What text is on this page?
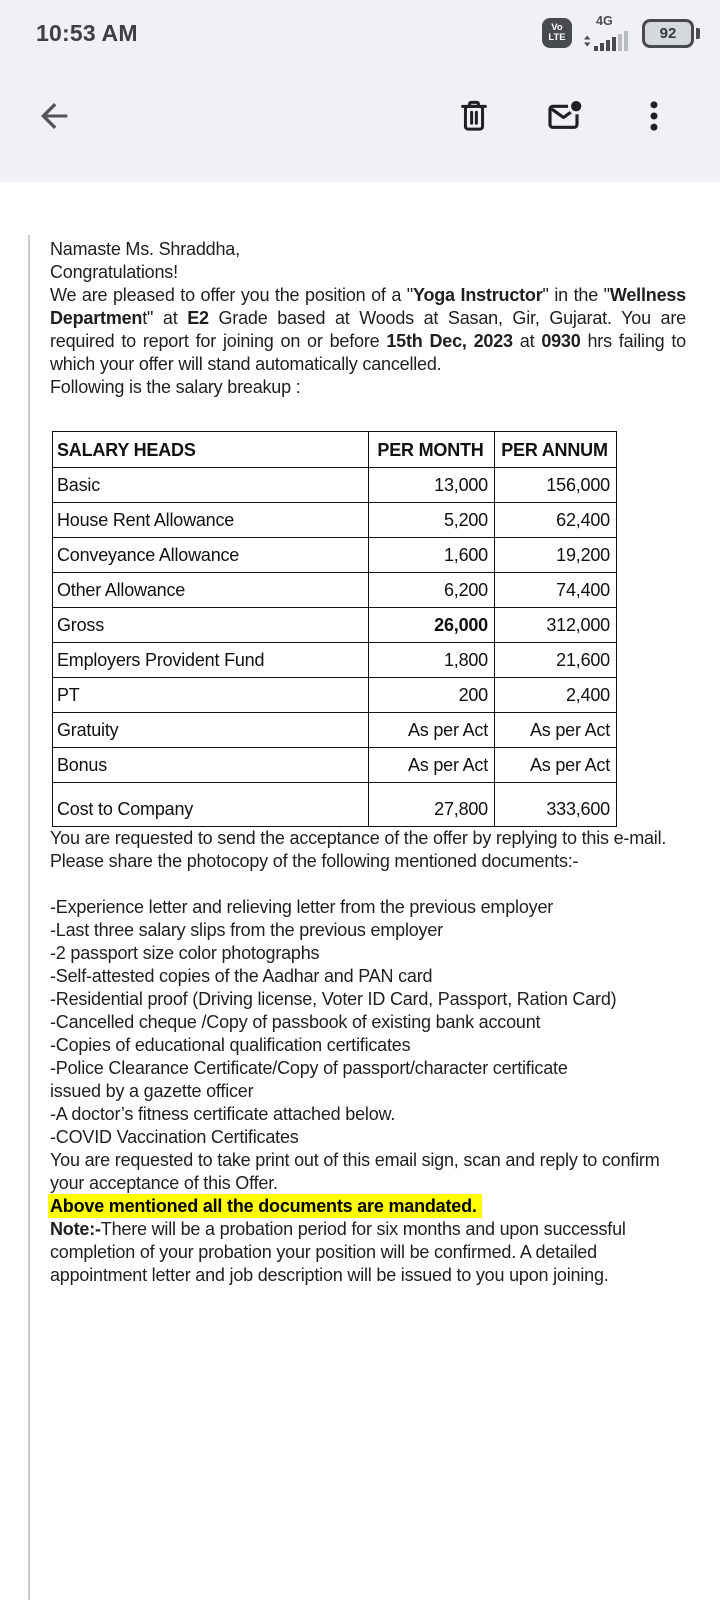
10:53 AM	Vo
LTE
4G
92

Namaste Ms. Shraddha,

Congratulations!

We are pleased to offer you the position of a "Yoga Instructor" in the "Wellness Department" at E2 Grade based at Woods at Sasan, Gir, Gujarat. You are required to report for joining on or before 15th Dec, 2023 at 0930 hrs failing to which your offer will stand automatically cancelled.

Following is the salary breakup :

SALARY HEADS	PER MONTH	PER ANNUM
Basic	13,000	156,000
House Rent Allowance	5,200	62,400
Conveyance Allowance	1,600	19,200
Other Allowance	6,200	74,400
Gross	26,000	312,000
Employers Provident Fund	1,800	21,600
PT	200	2,400
Gratuity	As per Act	As per Act
Bonus	As per Act	As per Act
Cost to Company	27,800	333,600

You are requested to send the acceptance of the offer by replying to this e-mail.

Please share the photocopy of the following mentioned documents:-

-Experience letter and relieving letter from the previous employer
-Last three salary slips from the previous employer
-2 passport size color photographs
-Self-attested copies of the Aadhar and PAN card
-Residential proof (Driving license, Voter ID Card, Passport, Ration Card)
-Cancelled cheque /Copy of passbook of existing bank account
-Copies of educational qualification certificates
-Police Clearance Certificate/Copy of passport/character certificate
issued by a gazette officer
-A doctor’s fitness certificate attached below.
-COVID Vaccination Certificates

You are requested to take print out of this email sign, scan and reply to confirm your acceptance of this Offer.

Above mentioned all the documents are mandated.

Note:-There will be a probation period for six months and upon successful completion of your probation your position will be confirmed. A detailed appointment letter and job description will be issued to you upon joining.
